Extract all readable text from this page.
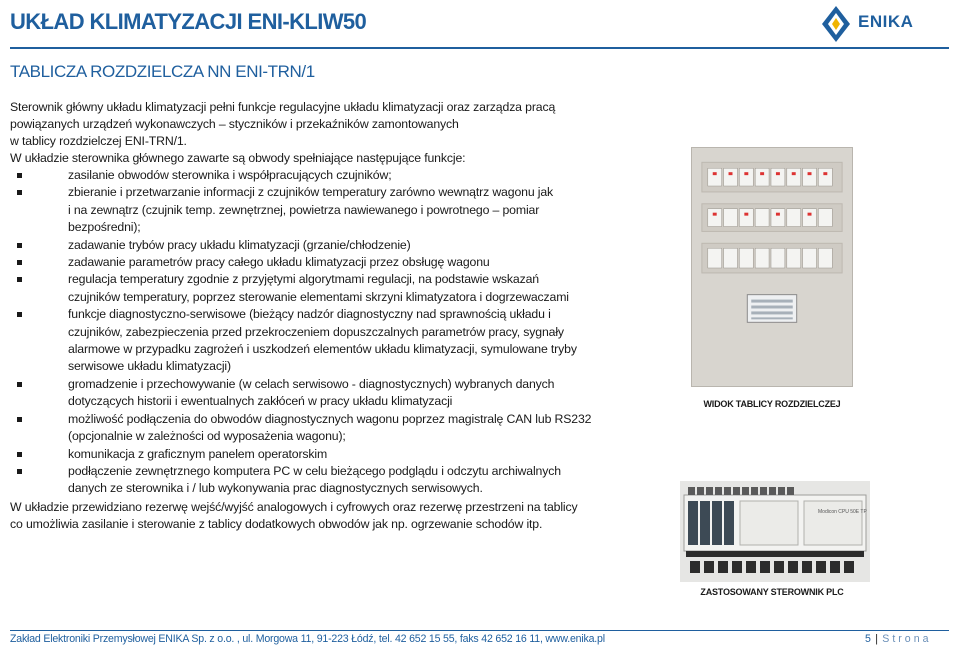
UKŁAD KLIMATYZACJI ENI-KLIW50	ENIKA
TABLICZA ROZDZIELCZA NN ENI-TRN/1
Sterownik główny układu klimatyzacji pełni funkcje regulacyjne układu klimatyzacji oraz zarządza pracą
powiązanych urządzeń wykonawczych – styczników i przekaźników zamontowanych
w tablicy rozdzielczej ENI-TRN/1.
W układzie sterownika głównego zawarte są obwody spełniające następujące funkcje:
zasilanie obwodów sterownika i współpracujących czujników;
zbieranie i przetwarzanie informacji z czujników temperatury zarówno wewnątrz wagonu jak
i na zewnątrz (czujnik temp. zewnętrznej, powietrza nawiewanego i powrotnego – pomiar
bezpośredni);
zadawanie trybów pracy układu klimatyzacji (grzanie/chłodzenie)
zadawanie parametrów pracy całego układu klimatyzacji przez obsługę wagonu
regulacja temperatury zgodnie z przyjętymi algorytmami regulacji, na podstawie wskazań
czujników temperatury, poprzez sterowanie elementami skrzyni klimatyzatora i dogrzewaczami
funkcje diagnostyczno-serwisowe (bieżący nadzór diagnostyczny nad sprawnością układu i
czujników, zabezpieczenia przed przekroczeniem dopuszczalnych parametrów pracy, sygnały
alarmowe w przypadku zagrożeń i uszkodzeń elementów układu klimatyzacji, symulowane tryby
serwisowe układu klimatyzacji)
gromadzenie i przechowywanie (w celach serwisowo - diagnostycznych) wybranych danych
dotyczących historii i ewentualnych zakłóceń w pracy układu klimatyzacji
możliwość podłączenia do obwodów diagnostycznych wagonu poprzez magistralę CAN lub RS232
(opcjonalnie w zależności od wyposażenia wagonu);
komunikacja z graficznym panelem operatorskim
podłączenie zewnętrznego komputera PC w celu bieżącego podglądu i odczytu archiwalnych
danych ze sterownika i / lub wykonywania prac diagnostycznych serwisowych.
W układzie przewidziano rezerwę wejść/wyjść analogowych i cyfrowych oraz rezerwę przestrzeni na tablicy
co umożliwia zasilanie i sterowanie z tablicy dodatkowych obwodów jak np. ogrzewanie schodów itp.
WIDOK TABLICY ROZDZIELCZEJ
Modicon CPU 50E TP
ZASTOSOWANY STEROWNIK PLC
Zakład Elektroniki Przemysłowej ENIKA Sp. z o.o. , ul. Morgowa 11, 91-223 Łódź, tel. 42 652 15 55, faks 42 652 16 11, www.enika.pl	5 | Strona
